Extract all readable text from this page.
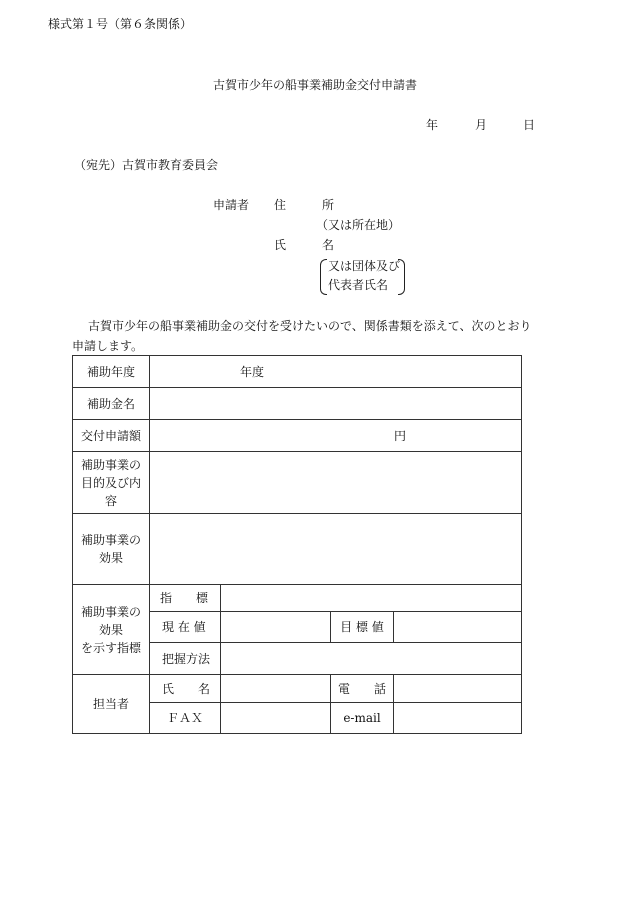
様式第１号（第６条関係）
古賀市少年の船事業補助金交付申請書
年	月	日
（宛先）古賀市教育委員会
申請者 住	所
（又は所在地）
氏	名
又は団体及び
代表者氏名
古賀市少年の船事業補助金の交付を受けたいので、関係書類を添えて、次のとおり
申請します。
補助年度	年度			
補助金名				
交付申請額	円			

補助事業の
目的及び内
容				

補助事業の
効果				

補助事業の
効果
を示す指標	指　　標			
	現 在 値		目 標 値	
	把握方法			
担当者	氏　　名		電　　話	
	ＦＡＸ		e-mail	
